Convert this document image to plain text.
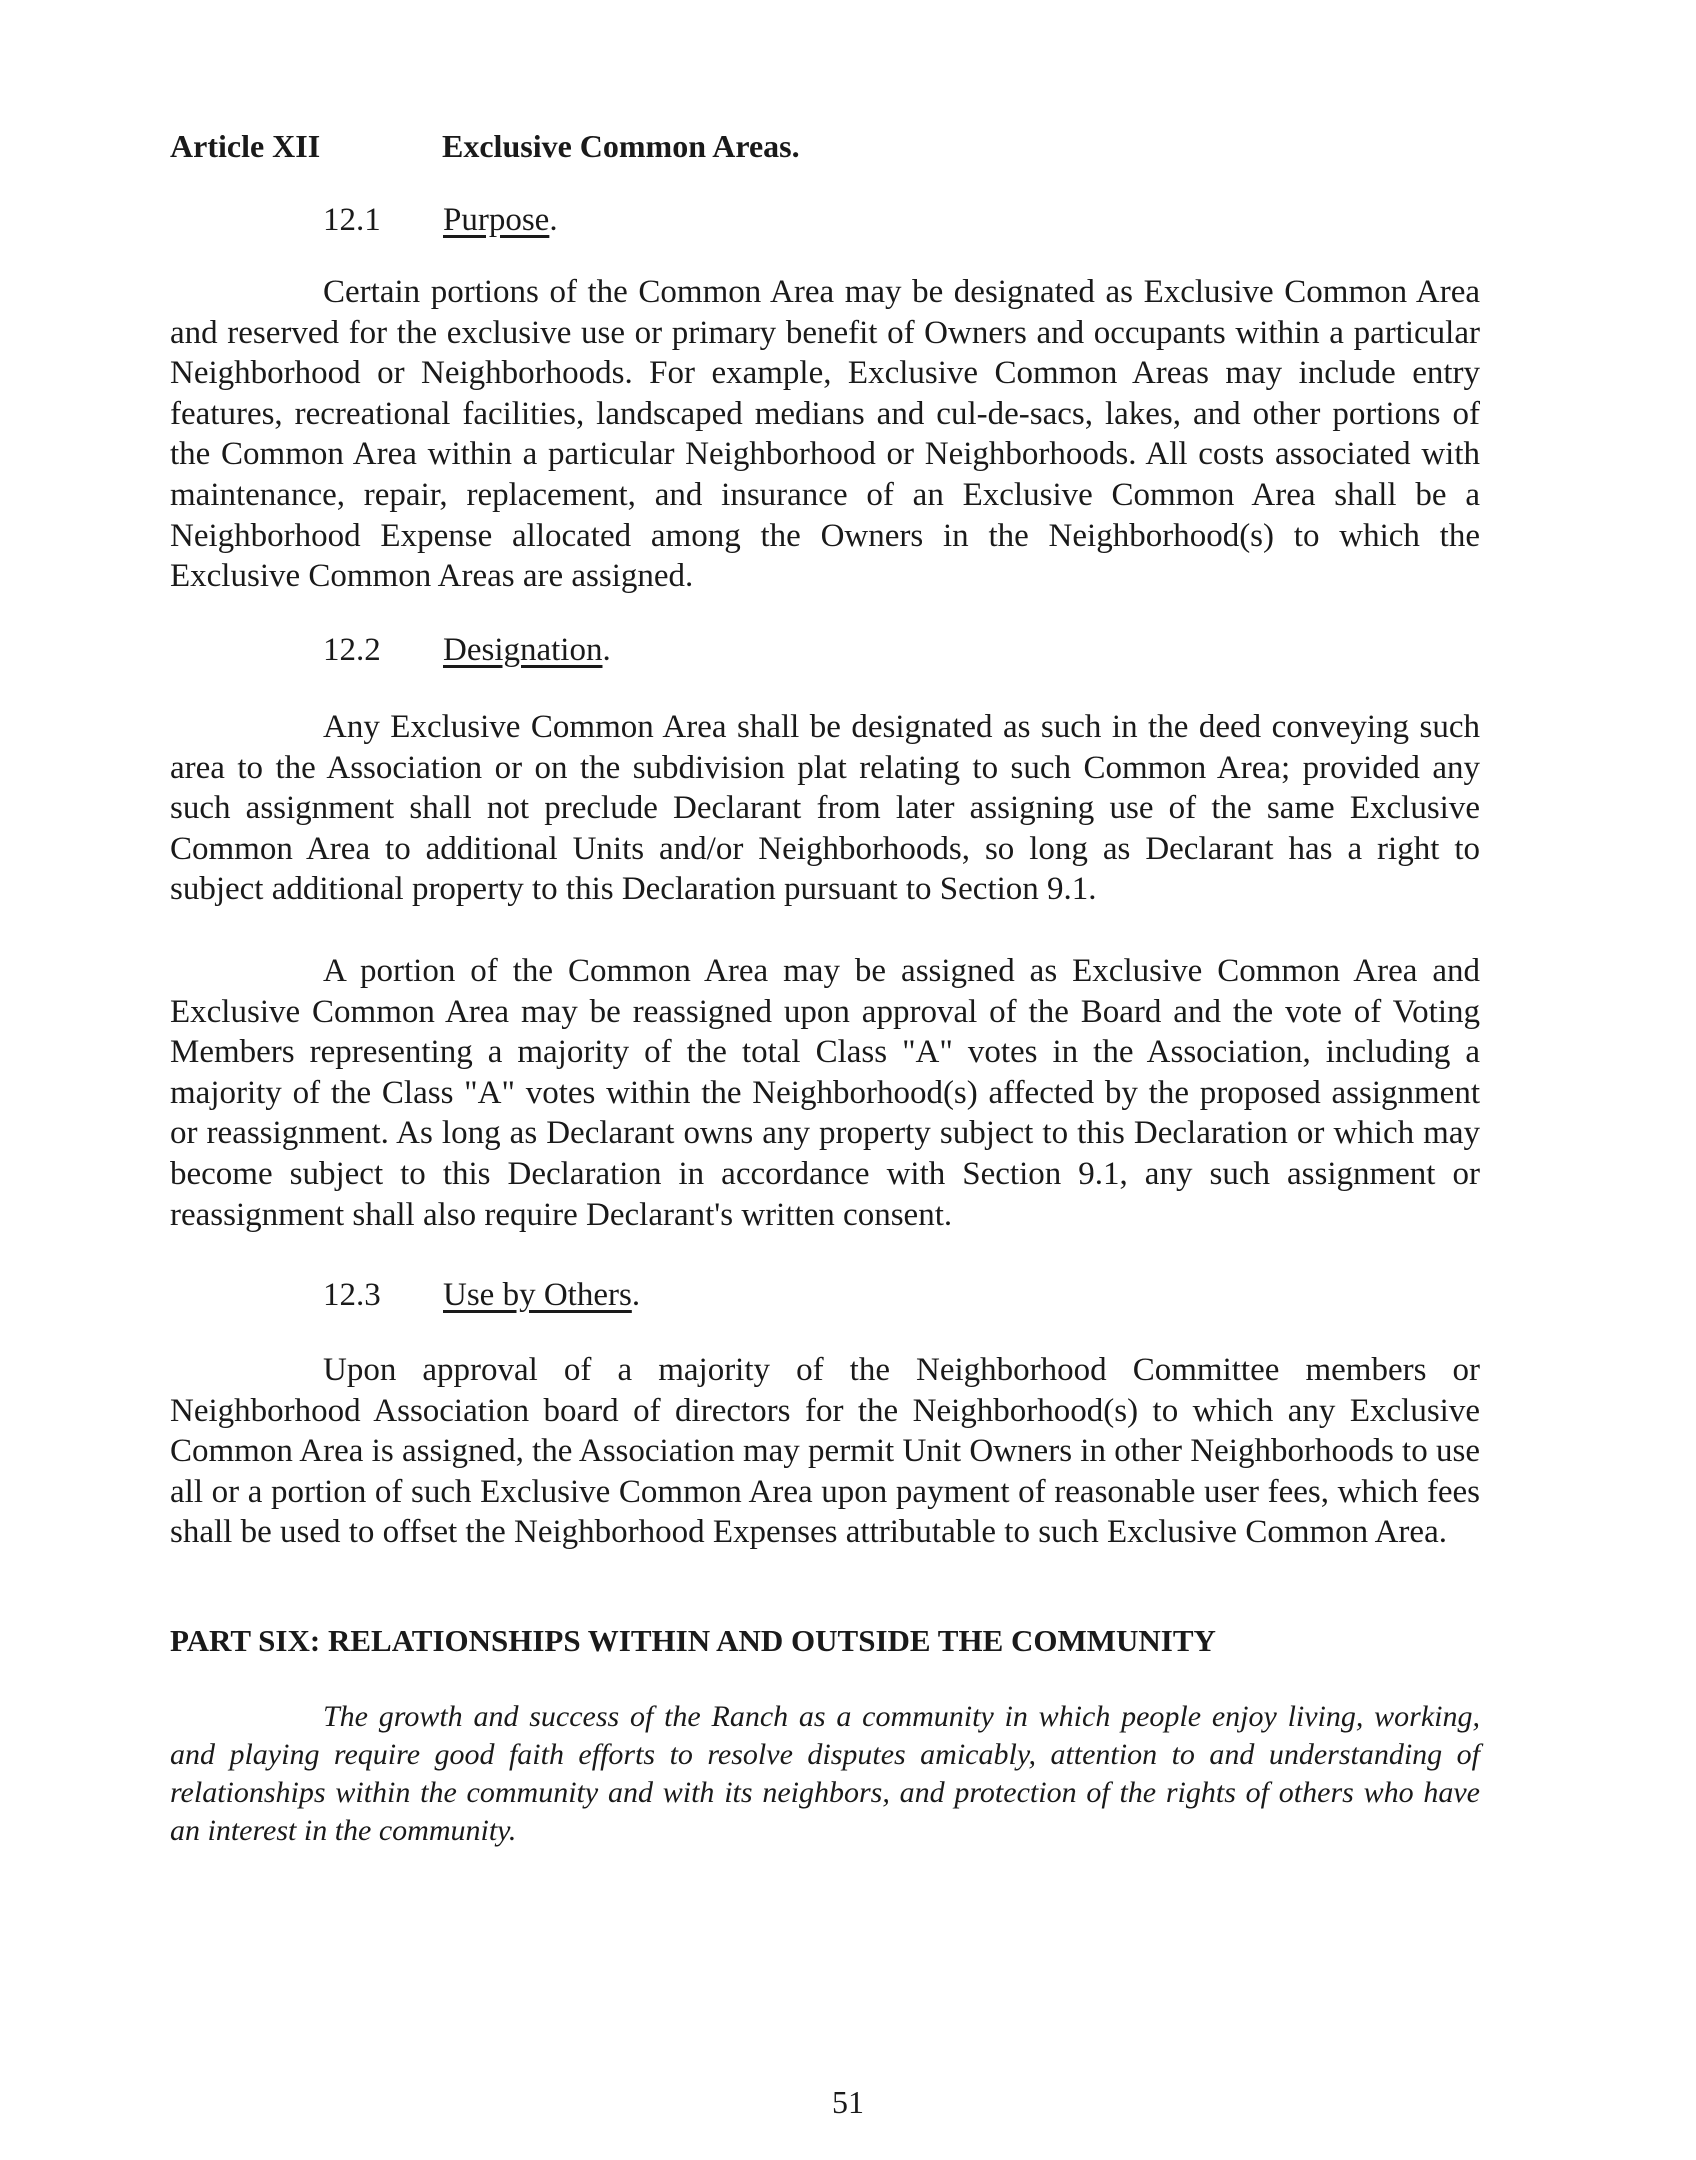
Article XII	Exclusive Common Areas.

12.1 Purpose.

Certain portions of the Common Area may be designated as Exclusive Common Area and reserved for the exclusive use or primary benefit of Owners and occupants within a particular Neighborhood or Neighborhoods. For example, Exclusive Common Areas may include entry features, recreational facilities, landscaped medians and cul-de-sacs, lakes, and other portions of the Common Area within a particular Neighborhood or Neighborhoods. All costs associated with maintenance, repair, replacement, and insurance of an Exclusive Common Area shall be a Neighborhood Expense allocated among the Owners in the Neighborhood(s) to which the Exclusive Common Areas are assigned.

12.2 Designation.

Any Exclusive Common Area shall be designated as such in the deed conveying such area to the Association or on the subdivision plat relating to such Common Area; provided any such assignment shall not preclude Declarant from later assigning use of the same Exclusive Common Area to additional Units and/or Neighborhoods, so long as Declarant has a right to subject additional property to this Declaration pursuant to Section 9.1.

A portion of the Common Area may be assigned as Exclusive Common Area and Exclusive Common Area may be reassigned upon approval of the Board and the vote of Voting Members representing a majority of the total Class "A" votes in the Association, including a majority of the Class "A" votes within the Neighborhood(s) affected by the proposed assignment or reassignment. As long as Declarant owns any property subject to this Declaration or which may become subject to this Declaration in accordance with Section 9.1, any such assignment or reassignment shall also require Declarant's written consent.

12.3 Use by Others.

Upon approval of a majority of the Neighborhood Committee members or Neighborhood Association board of directors for the Neighborhood(s) to which any Exclusive Common Area is assigned, the Association may permit Unit Owners in other Neighborhoods to use all or a portion of such Exclusive Common Area upon payment of reasonable user fees, which fees shall be used to offset the Neighborhood Expenses attributable to such Exclusive Common Area.

PART SIX: RELATIONSHIPS WITHIN AND OUTSIDE THE COMMUNITY

The growth and success of the Ranch as a community in which people enjoy living, working, and playing require good faith efforts to resolve disputes amicably, attention to and understanding of relationships within the community and with its neighbors, and protection of the rights of others who have an interest in the community.

51
